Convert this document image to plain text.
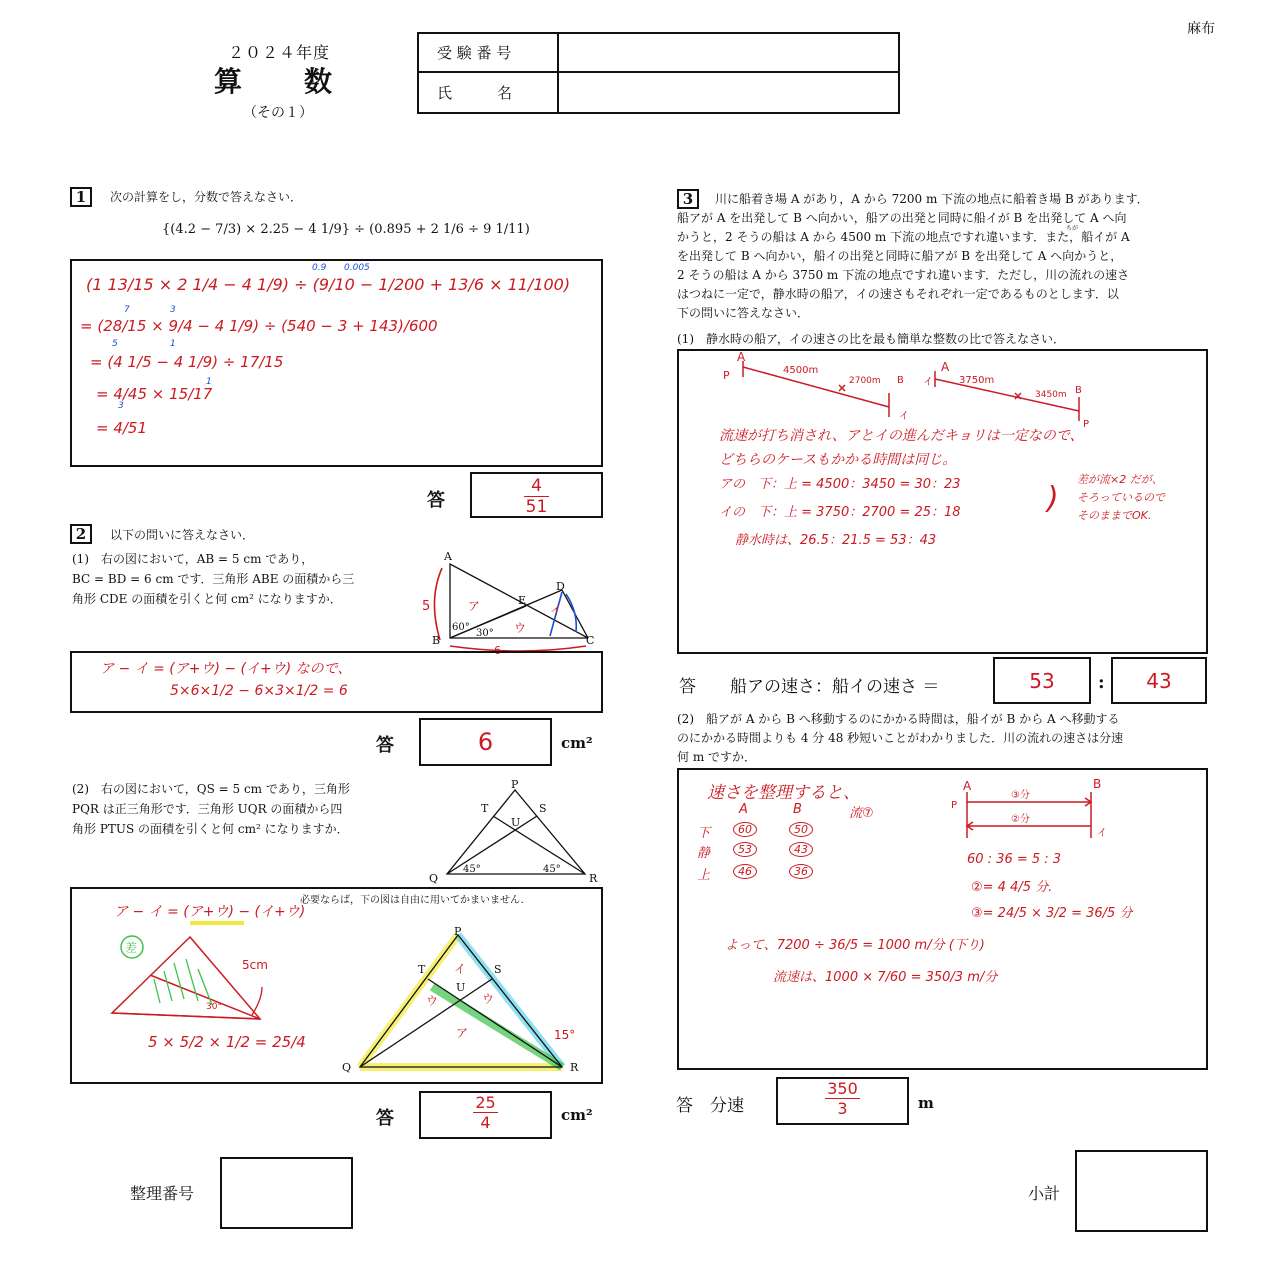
麻布
２０２４年度
算　　数
（その１）
受 験 番 号
氏　　　名
1	次の計算をし，分数で答えなさい．
{(4.2 − 7/3) × 2.25 − 4 1/9} ÷ (0.895 + 2 1/6 ÷ 9 1/11)
(1 13/15 × 2 1/4 − 4 1/9) ÷ (9/10 − 1/200 + 13/6 × 11/100)
= (28/15 × 9/4 − 4 1/9) ÷ (540 − 3 + 143)/600
= (4 1/5 − 4 1/9) ÷ 17/15
= 4/45 × 15/17
= 4/51
0.9 0.005
7	3
5	1
1
3
答	$\frac{4}{51}$
2	以下の問いに答えなさい．
(1)　右の図において，AB = 5 cm であり，
BC = BD = 6 cm です．三角形 ABE の面積から三
角形 CDE の面積を引くと何 cm² になりますか．
A
B	C
D
E
60°
30°
5
6
ア	イ
ウ
ア − イ = (ア+ウ) − (イ+ウ) なので、
5×6×1/2 − 6×3×1/2 = 6
答	6	cm²
(2)　右の図において，QS = 5 cm であり，三角形
PQR は正三角形です．三角形 UQR の面積から四
角形 PTUS の面積を引くと何 cm² になりますか．
P
Q	R
S
T
U
45°	45°
必要ならば，下の図は自由に用いてかまいません．
ア − イ = (ア+ウ) − (イ+ウ)
5 × 5/2 × 1/2 = 25/4
差
5cm
30°
P
T	S
U
Q	R
イ
ウ	ウ
ア	15°
答	$\frac{25}{4}$	cm²
3	川に船着き場 A があり，A から 7200 m 下流の地点に船着き場 B があります．
船アが A を出発して B へ向かい，船アの出発と同時に船イが B を出発して A へ向
かうと，2 そうの船は A から 4500 m 下流の地点ですれ違います．また，船イが A
ちが
を出発して B へ向かい，船イの出発と同時に船アが B を出発して A へ向かうと，
2 そうの船は A から 3750 m 下流の地点ですれ違います．ただし，川の流れの速さ
はつねに一定で，静水時の船ア，イの速さもそれぞれ一定であるものとします．以
下の問いに答えなさい．
(1)　静水時の船ア，イの速さの比を最も簡単な整数の比で答えなさい．
A
P	4500m
2700m B
イ
A
イ	3750m
3450m B
P
流速が打ち消され、アとイの進んだキョリは一定なので、
どちらのケースもかかる時間は同じ。
アの　下：上 = 4500：3450 = 30：23
イの　下：上 = 3750：2700 = 25：18
静水時は、26.5：21.5 = 53：43
)
差が流×2 だが、
そろっているので
そのままでOK.
答　　船アの速さ：船イの速さ ＝	53	:	43
(2)　船アが A から B へ移動するのにかかる時間は，船イが B から A へ移動する
のにかかる時間よりも 4 分 48 秒短いことがわかりました．川の流れの速さは分速
何 m ですか．
速さを整理すると、
A	B	流⑦
下	60	50
静	53	43
上	46	36
A	B
P
イ
③分
②分
60 : 36 = 5 : 3
②= 4 4/5 分.
③= 24/5 × 3/2 = 36/5 分
よって、7200 ÷ 36/5 = 1000 m/分 (下り)
流速は、1000 × 7/60 = 350/3 m/分
答　分速	$\frac{350}{3}$	m
整理番号	小計
